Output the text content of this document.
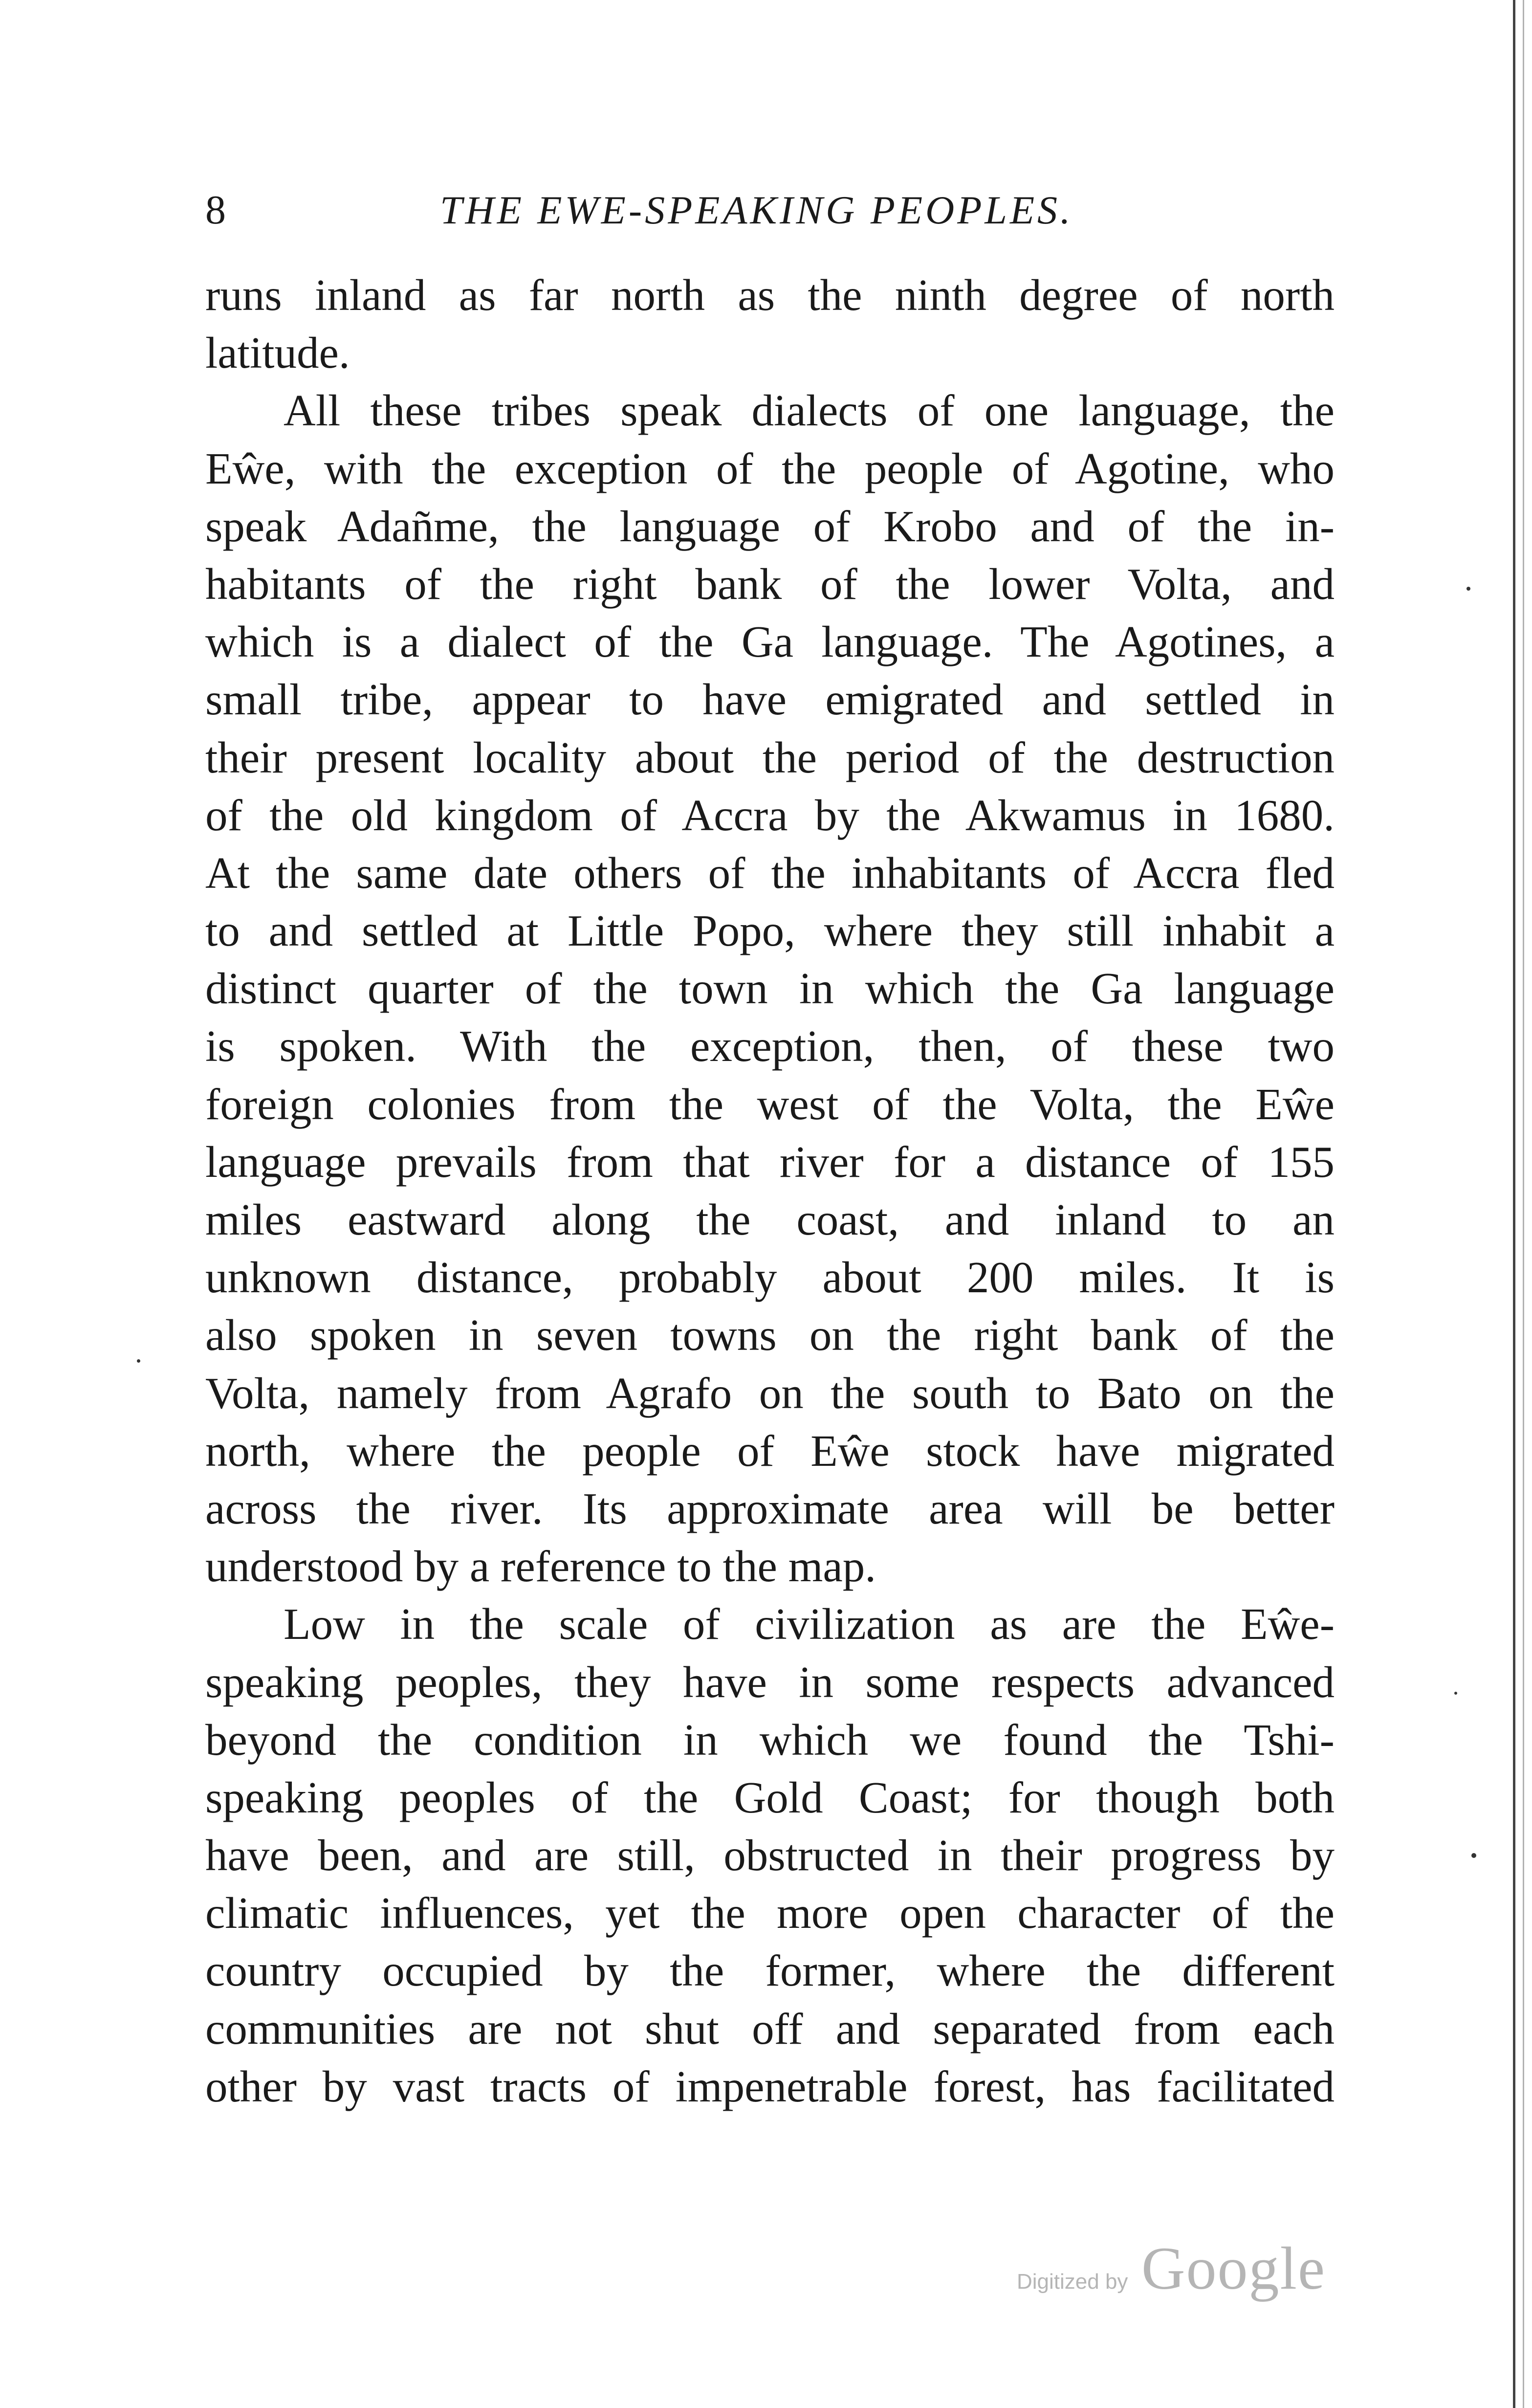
8	THE EWE-SPEAKING PEOPLES.
runs inland as far north as the ninth degree of north
latitude.
All these tribes speak dialects of one language, the
Eŵe, with the exception of the people of Agotine, who
speak Adañme, the language of Krobo and of the in-
habitants of the right bank of the lower Volta, and
which is a dialect of the Ga language. The Agotines, a
small tribe, appear to have emigrated and settled in
their present locality about the period of the destruction
of the old kingdom of Accra by the Akwamus in 1680.
At the same date others of the inhabitants of Accra fled
to and settled at Little Popo, where they still inhabit a
distinct quarter of the town in which the Ga language
is spoken. With the exception, then, of these two
foreign colonies from the west of the Volta, the Eŵe
language prevails from that river for a distance of 155
miles eastward along the coast, and inland to an
unknown distance, probably about 200 miles. It is
also spoken in seven towns on the right bank of the
Volta, namely from Agrafo on the south to Bato on the
north, where the people of Eŵe stock have migrated
across the river. Its approximate area will be better
understood by a reference to the map.
Low in the scale of civilization as are the Eŵe-
speaking peoples, they have in some respects advanced
beyond the condition in which we found the Tshi-
speaking peoples of the Gold Coast; for though both
have been, and are still, obstructed in their progress by
climatic influences, yet the more open character of the
country occupied by the former, where the different
communities are not shut off and separated from each
other by vast tracts of impenetrable forest, has facilitated
Digitized by Google
